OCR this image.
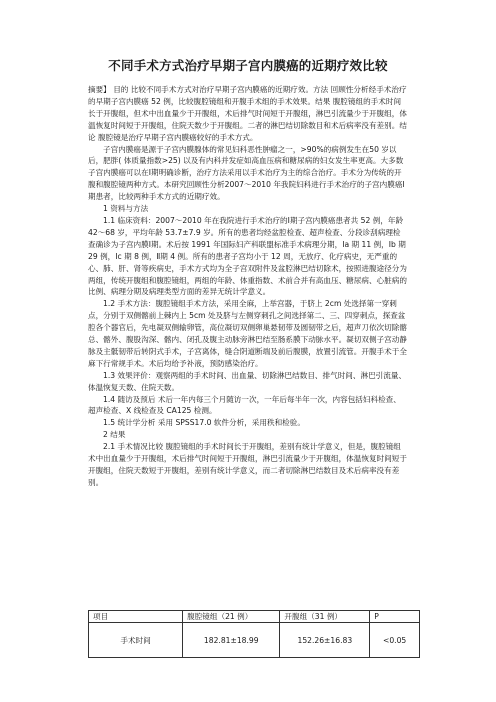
不同手术方式治疗早期子宫内膜癌的近期疗效比较

摘要】 目的 比较不同手术方式对治疗早期子宫内膜癌的近期疗效。方法 回顾性分析经手术治疗的早期子宫内膜癌 52 例，比较腹腔镜组和开腹手术组的手术效果。结果 腹腔镜组的手术时间长于开腹组，但术中出血量少于开腹组，术后排气时间短于开腹组，淋巴引流量少于开腹组，体温恢复时间短于开腹组，住院天数少于开腹组。二者的淋巴结切除数目和术后病率没有差别。结论 腹腔镜是治疗早期子宫内膜癌较好的手术方式。

子宫内膜癌是源于子宫内膜腺体的常见妇科恶性肿瘤之一，>90%的病例发生在50 岁以后，肥胖( 体质量指数>25) 以及有内科并发症如高血压病和糖尿病的妇女发生率更高。大多数子宫内膜癌可以在Ⅰ期明确诊断，治疗方法采用以手术治疗为主的综合治疗。手术分为传统的开腹和腹腔镜两种方式。本研究回顾性分析2007～2010 年我院妇科进行手术治疗的子宫内膜癌Ⅰ期患者，比较两种手术方式的近期疗效。

1 资料与方法

1.1 临床资料：2007～2010 年在我院进行手术治疗的Ⅰ期子宫内膜癌患者共 52 例，年龄 42～68 岁，平均年龄 53.7±7.9 岁。所有的患者均经盆腔检查、超声检查、分段诊刮病理检查确诊为子宫内膜Ⅰ期。术后按 1991 年国际妇产科联盟标准手术病理分期，Ⅰa 期 11 例，Ⅰb 期 29 例，Ⅰc 期 8 例，Ⅱ期 4 例。所有的患者子宫均小于 12 周，无放疗、化疗病史，无严重的心、肺、肝、肾等疾病史，手术方式均为全子宫双附件及盆腔淋巴结切除术，按照进腹途径分为两组，传统开腹组和腹腔镜组，两组的年龄、体重指数、术前合并有高血压、糖尿病、心脏病的比例、病理分期及病理类型方面的差异无统计学意义。

1.2 手术方法：腹腔镜组手术方法，采用全麻，上举宫器，于脐上 2cm 处选择第一穿刺点，分别于双侧髂前上棘内上 5cm 处及脐与左侧穿刺孔之间选择第二、三、四穿刺点，探查盆腔各个器官后，先电凝双侧输卵管，高位凝切双侧卵巢悬韧带及圆韧带之后，超声刀依次切除髂总、髂外、腹股沟深、髂内、闭孔及腹主动脉旁淋巴结至肠系膜下动脉水平。凝切双侧子宫动静脉及主骶韧带后转阴式手术，子宫离体，缝合阴道断端及前后腹膜，放置引流管。开腹手术于全麻下行常规手术。术后均给予补液，预防感染治疗。

1.3 效果评价：观察两组的手术时间、出血量、切除淋巴结数目、排气时间、淋巴引流量、体温恢复天数、住院天数。

1.4 随访及预后 术后一年内每三个月随访一次，一年后每半年一次，内容包括妇科检查、超声检查、X 线检查及 CA125 检测。

1.5 统计学分析 采用 SPSS17.0 软件分析，采用秩和检验。

2 结果

2.1 手术情况比较 腹腔镜组的手术时间长于开腹组，差别有统计学意义，但是，腹腔镜组术中出血量少于开腹组，术后排气时间短于开腹组，淋巴引流量少于开腹组，体温恢复时间短于开腹组，住院天数短于开腹组，差别有统计学意义，而二者切除淋巴结数目及术后病率没有差别。

项目	腹腔镜组（21 例）	开腹组（31 例）	P
手术时间	182.81±18.99	152.26±16.83	<0.05
